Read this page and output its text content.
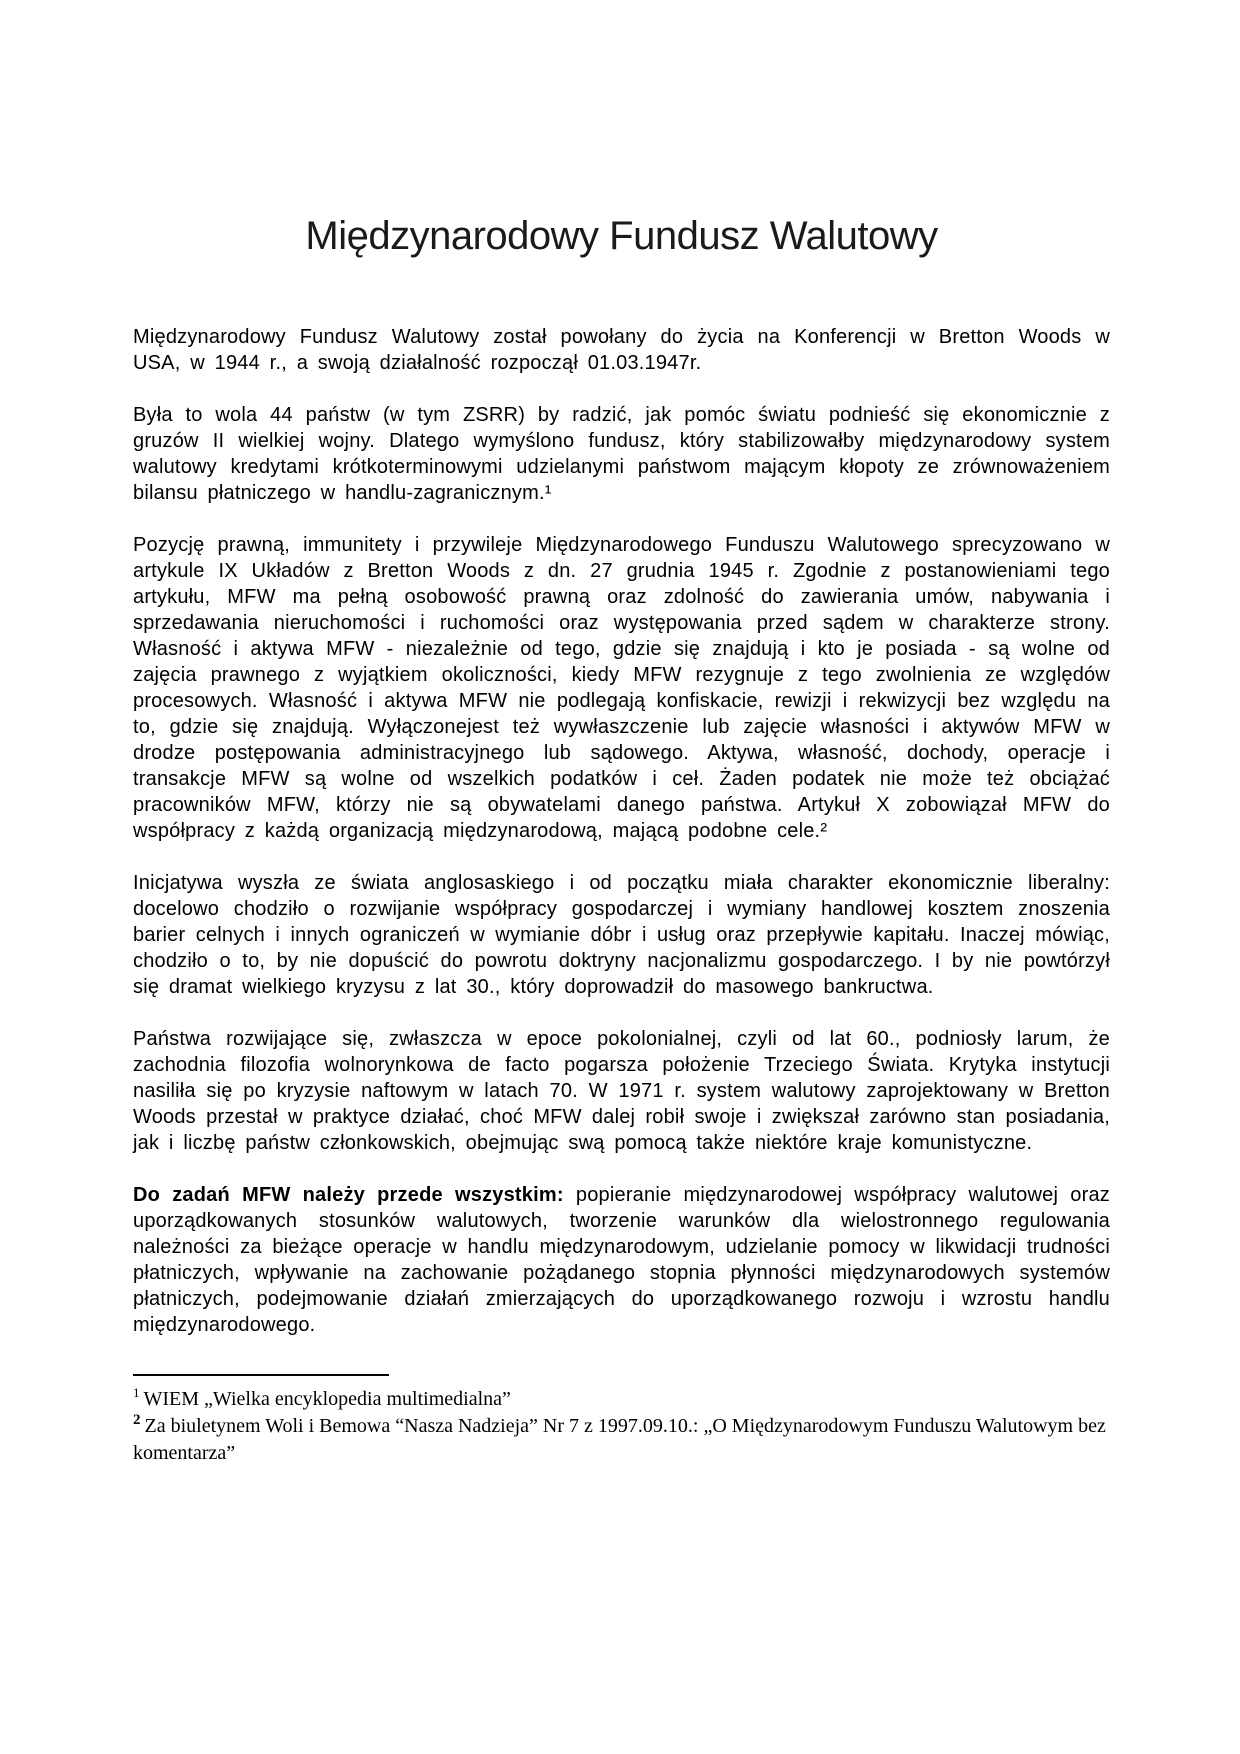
Międzynarodowy Fundusz Walutowy

Międzynarodowy Fundusz Walutowy został powołany do życia na Konferencji w Bretton Woods w USA, w 1944 r., a swoją działalność rozpoczął 01.03.1947r.

Była to wola 44 państw (w tym ZSRR) by radzić, jak pomóc światu podnieść się ekonomicznie z gruzów II wielkiej wojny. Dlatego wymyślono fundusz, który stabilizowałby międzynarodowy system walutowy kredytami krótkoterminowymi udzielanymi państwom mającym kłopoty ze zrównoważeniem bilansu płatniczego w handlu-zagranicznym.¹

Pozycję prawną, immunitety i przywileje Międzynarodowego Funduszu Walutowego sprecyzowano w artykule IX Układów z Bretton Woods z dn. 27 grudnia 1945 r. Zgodnie z postanowieniami tego artykułu, MFW ma pełną osobowość prawną oraz zdolność do zawierania umów, nabywania i sprzedawania nieruchomości i ruchomości oraz występowania przed sądem w charakterze strony. Własność i aktywa MFW - niezależnie od tego, gdzie się znajdują i kto je posiada - są wolne od zajęcia prawnego z wyjątkiem okoliczności, kiedy MFW rezygnuje z tego zwolnienia ze względów procesowych. Własność i aktywa MFW nie podlegają konfiskacie, rewizji i rekwizycji bez względu na to, gdzie się znajdują. Wyłączonejest też wywłaszczenie lub zajęcie własności i aktywów MFW w drodze postępowania administracyjnego lub sądowego. Aktywa, własność, dochody, operacje i transakcje MFW są wolne od wszelkich podatków i ceł. Żaden podatek nie może też obciążać pracowników MFW, którzy nie są obywatelami danego państwa. Artykuł X zobowiązał MFW do współpracy z każdą organizacją międzynarodową, mającą podobne cele.²

Inicjatywa wyszła ze świata anglosaskiego i od początku miała charakter ekonomicznie liberalny: docelowo chodziło o rozwijanie współpracy gospodarczej i wymiany handlowej kosztem znoszenia barier celnych i innych ograniczeń w wymianie dóbr i usług oraz przepływie kapitału. Inaczej mówiąc, chodziło o to, by nie dopuścić do powrotu doktryny nacjonalizmu gospodarczego. I by nie powtórzył się dramat wielkiego kryzysu z lat 30., który doprowadził do masowego bankructwa.

Państwa rozwijające się, zwłaszcza w epoce pokolonialnej, czyli od lat 60., podniosły larum, że zachodnia filozofia wolnorynkowa de facto pogarsza położenie Trzeciego Świata. Krytyka instytucji nasiliła się po kryzysie naftowym w latach 70. W 1971 r. system walutowy zaprojektowany w Bretton Woods przestał w praktyce działać, choć MFW dalej robił swoje i zwiększał zarówno stan posiadania, jak i liczbę państw członkowskich, obejmując swą pomocą także niektóre kraje komunistyczne.

Do zadań MFW należy przede wszystkim: popieranie międzynarodowej współpracy walutowej oraz uporządkowanych stosunków walutowych, tworzenie warunków dla wielostronnego regulowania należności za bieżące operacje w handlu międzynarodowym, udzielanie pomocy w likwidacji trudności płatniczych, wpływanie na zachowanie pożądanego stopnia płynności międzynarodowych systemów płatniczych, podejmowanie działań zmierzających do uporządkowanego rozwoju i wzrostu handlu międzynarodowego.

$^1$ WIEM „Wielka encyklopedia multimedialna”

$^2$ Za biuletynem Woli i Bemowa “Nasza Nadzieja” Nr 7 z 1997.09.10.: „O Międzynarodowym Funduszu Walutowym bez komentarza”
